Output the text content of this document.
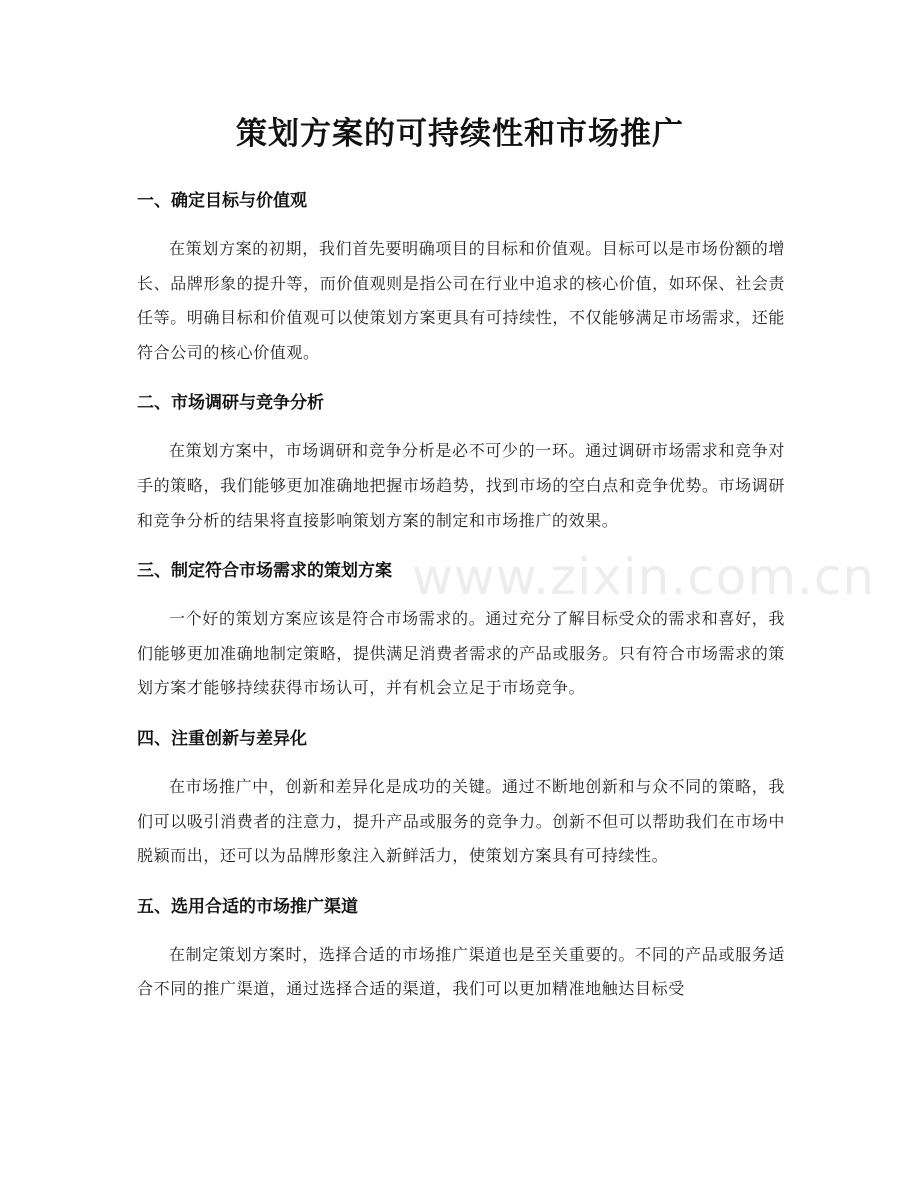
策划方案的可持续性和市场推广
一、确定目标与价值观

在策划方案的初期，我们首先要明确项目的目标和价值观。目标可以是市场份额的增长、品牌形象的提升等，而价值观则是指公司在行业中追求的核心价值，如环保、社会责任等。明确目标和价值观可以使策划方案更具有可持续性，不仅能够满足市场需求，还能符合公司的核心价值观。

二、市场调研与竞争分析

在策划方案中，市场调研和竞争分析是必不可少的一环。通过调研市场需求和竞争对手的策略，我们能够更加准确地把握市场趋势，找到市场的空白点和竞争优势。市场调研和竞争分析的结果将直接影响策划方案的制定和市场推广的效果。

三、制定符合市场需求的策划方案

一个好的策划方案应该是符合市场需求的。通过充分了解目标受众的需求和喜好，我们能够更加准确地制定策略，提供满足消费者需求的产品或服务。只有符合市场需求的策划方案才能够持续获得市场认可，并有机会立足于市场竞争。

四、注重创新与差异化

在市场推广中，创新和差异化是成功的关键。通过不断地创新和与众不同的策略，我们可以吸引消费者的注意力，提升产品或服务的竞争力。创新不但可以帮助我们在市场中脱颖而出，还可以为品牌形象注入新鲜活力，使策划方案具有可持续性。

五、选用合适的市场推广渠道

在制定策划方案时，选择合适的市场推广渠道也是至关重要的。不同的产品或服务适合不同的推广渠道，通过选择合适的渠道，我们可以更加精准地触达目标受

www.zixin.com.cn
